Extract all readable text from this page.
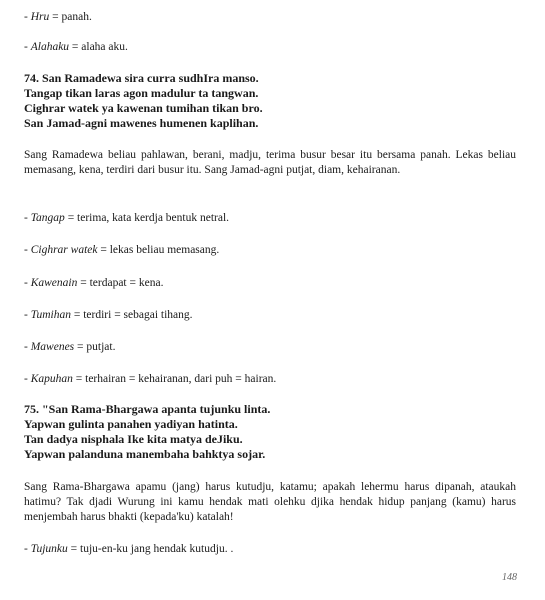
- Hru = panah.
- Alahaku = alaha aku.
74. San Ramadewa sira curra sudhIra manso.
Tangap tikan laras agon madulur ta tangwan.
Cighrar watek ya kawenan tumihan tikan bro.
San Jamad-agni mawenes humenen kaplihan.
Sang Ramadewa beliau pahlawan, berani, madju, terima busur besar itu bersama panah. Lekas beliau memasang, kena, terdiri dari busur itu. Sang Jamad-agni putjat, diam, kehairanan.
- Tangap = terima, kata kerdja bentuk netral.
- Cighrar watek = lekas beliau memasang.
- Kawenain = terdapat = kena.
- Tumihan = terdiri = sebagai tihang.
- Mawenes = putjat.
- Kapuhan = terhairan = kehairanan, dari puh = hairan.
75. "San Rama-Bhargawa apanta tujunku linta.
Yapwan gulinta panahen yadiyan hatinta.
Tan dadya nisphala Ike kita matya deJiku.
Yapwan palanduna manembaha bahktya sojar.
Sang Rama-Bhargawa apamu (jang) harus kutudju, katamu; apakah lehermu harus dipanah, ataukah hatimu? Tak djadi Wurung ini kamu hendak mati olehku djika hendak hidup panjang (kamu) harus menjembah harus bhakti (kepada'ku) katalah!
- Tujunku = tuju-en-ku jang hendak kutudju. .
148
